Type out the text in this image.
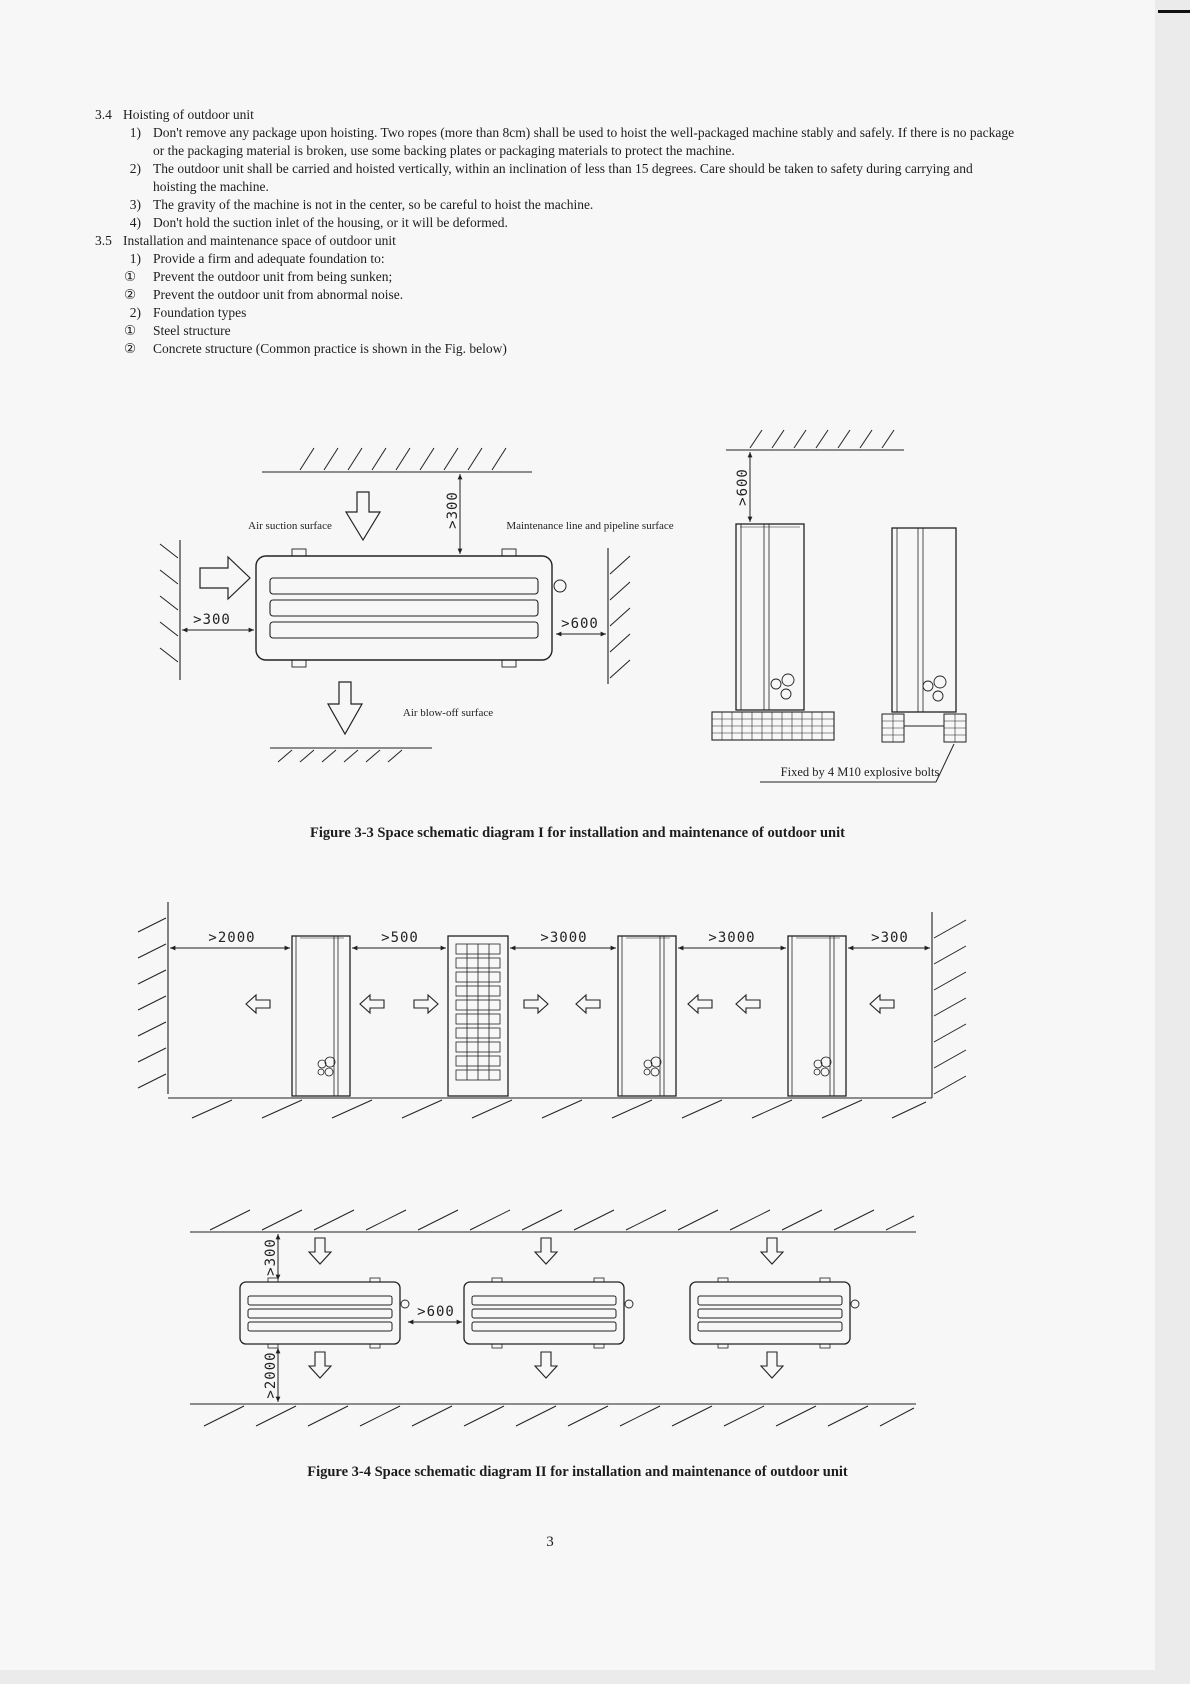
3.4 Hoisting of outdoor unit
1) Don't remove any package upon hoisting. Two ropes (more than 8cm) shall be used to hoist the well-packaged machine stably and safely. If there is no package or the packaging material is broken, use some backing plates or packaging materials to protect the machine.
2) The outdoor unit shall be carried and hoisted vertically, within an inclination of less than 15 degrees. Care should be taken to safety during carrying and hoisting the machine.
3) The gravity of the machine is not in the center, so be careful to hoist the machine.
4) Don't hold the suction inlet of the housing, or it will be deformed.
3.5 Installation and maintenance space of outdoor unit
1) Provide a firm and adequate foundation to:
①	Prevent the outdoor unit from being sunken;
②	Prevent the outdoor unit from abnormal noise.
2) Foundation types
①	Steel structure
②	Concrete structure (Common practice is shown in the Fig. below)
>300
>300	>600
Air suction surface	Maintenance line and pipeline surface
Air blow-off surface
>600
Fixed by 4 M10 explosive bolts
>2000	>500	>3000	>3000	>300
>300
>2000
>600
Figure 3-3 Space schematic diagram I for installation and maintenance of outdoor unit
Figure 3-4 Space schematic diagram II for installation and maintenance of outdoor unit
3
